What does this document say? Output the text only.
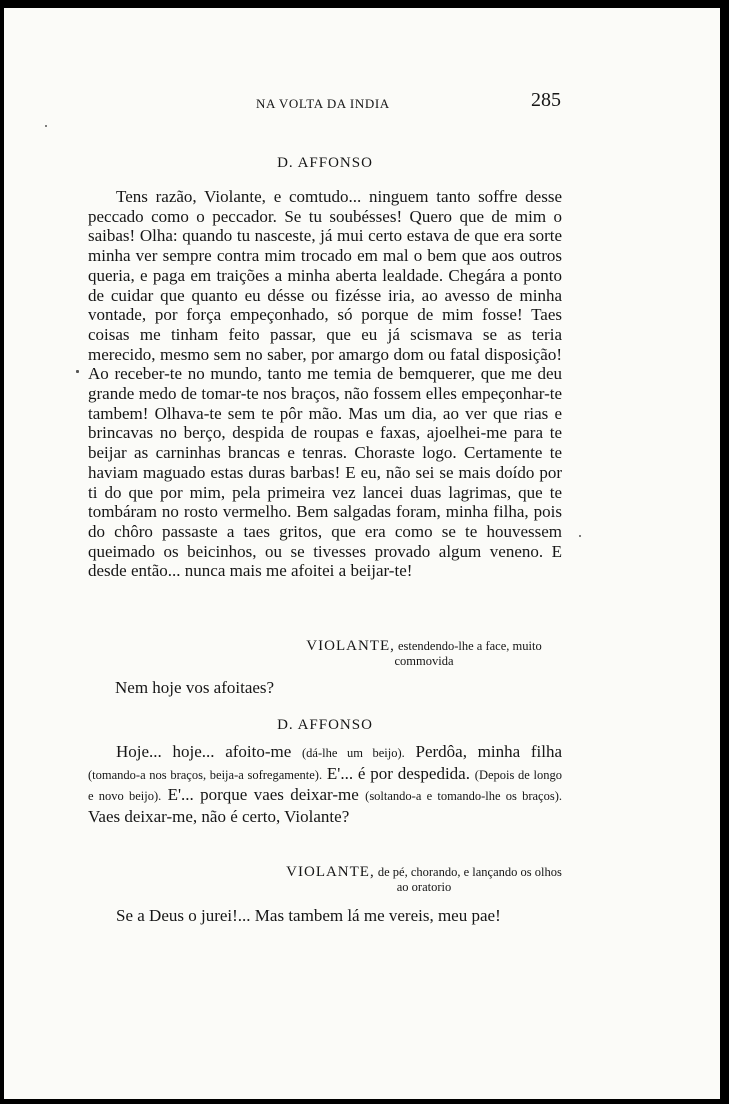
NA VOLTA DA INDIA	285
D. AFFONSO
Tens razão, Violante, e comtudo... ninguem tanto soffre desse peccado como o peccador. Se tu soubésses! Quero que de mim o saibas! Olha: quando tu nasceste, já mui certo estava de que era sorte minha ver sempre contra mim trocado em mal o bem que aos outros queria, e paga em traições a minha aberta lealdade. Chegára a ponto de cuidar que quanto eu désse ou fizésse iria, ao avesso de minha vontade, por força empeçonhado, só porque de mim fosse! Taes coisas me tinham feito passar, que eu já scismava se as teria merecido, mesmo sem no saber, por amargo dom ou fatal disposição! Ao receber-te no mundo, tanto me temia de bemquerer, que me deu grande medo de tomar-te nos braços, não fossem elles empeçonhar-te tambem! Olhava-te sem te pôr mão. Mas um dia, ao ver que rias e brincavas no berço, despida de roupas e faxas, ajoelhei-me para te beijar as carninhas brancas e tenras. Choraste logo. Certamente te haviam maguado estas duras barbas! E eu, não sei se mais doído por ti do que por mim, pela primeira vez lancei duas lagrimas, que te tombáram no rosto vermelho. Bem salgadas foram, minha filha, pois do chôro passaste a taes gritos, que era como se te houvessem queimado os beicinhos, ou se tivesses provado algum veneno. E desde então... nunca mais me afoitei a beijar-te!
VIOLANTE, estendendo-lhe a face, muito commovida
Nem hoje vos afoitaes?
D. AFFONSO
Hoje... hoje... afoito-me (dá-lhe um beijo). Perdôa, minha filha (tomando-a nos braços, beija-a sofregamente). E'... é por despedida. (Depois de longo e novo beijo). E'... porque vaes deixar-me (soltando-a e tomando-lhe os braços). Vaes deixar-me, não é certo, Violante?
VIOLANTE, de pé, chorando, e lançando os olhos ao oratorio
Se a Deus o jurei!... Mas tambem lá me vereis, meu pae!
